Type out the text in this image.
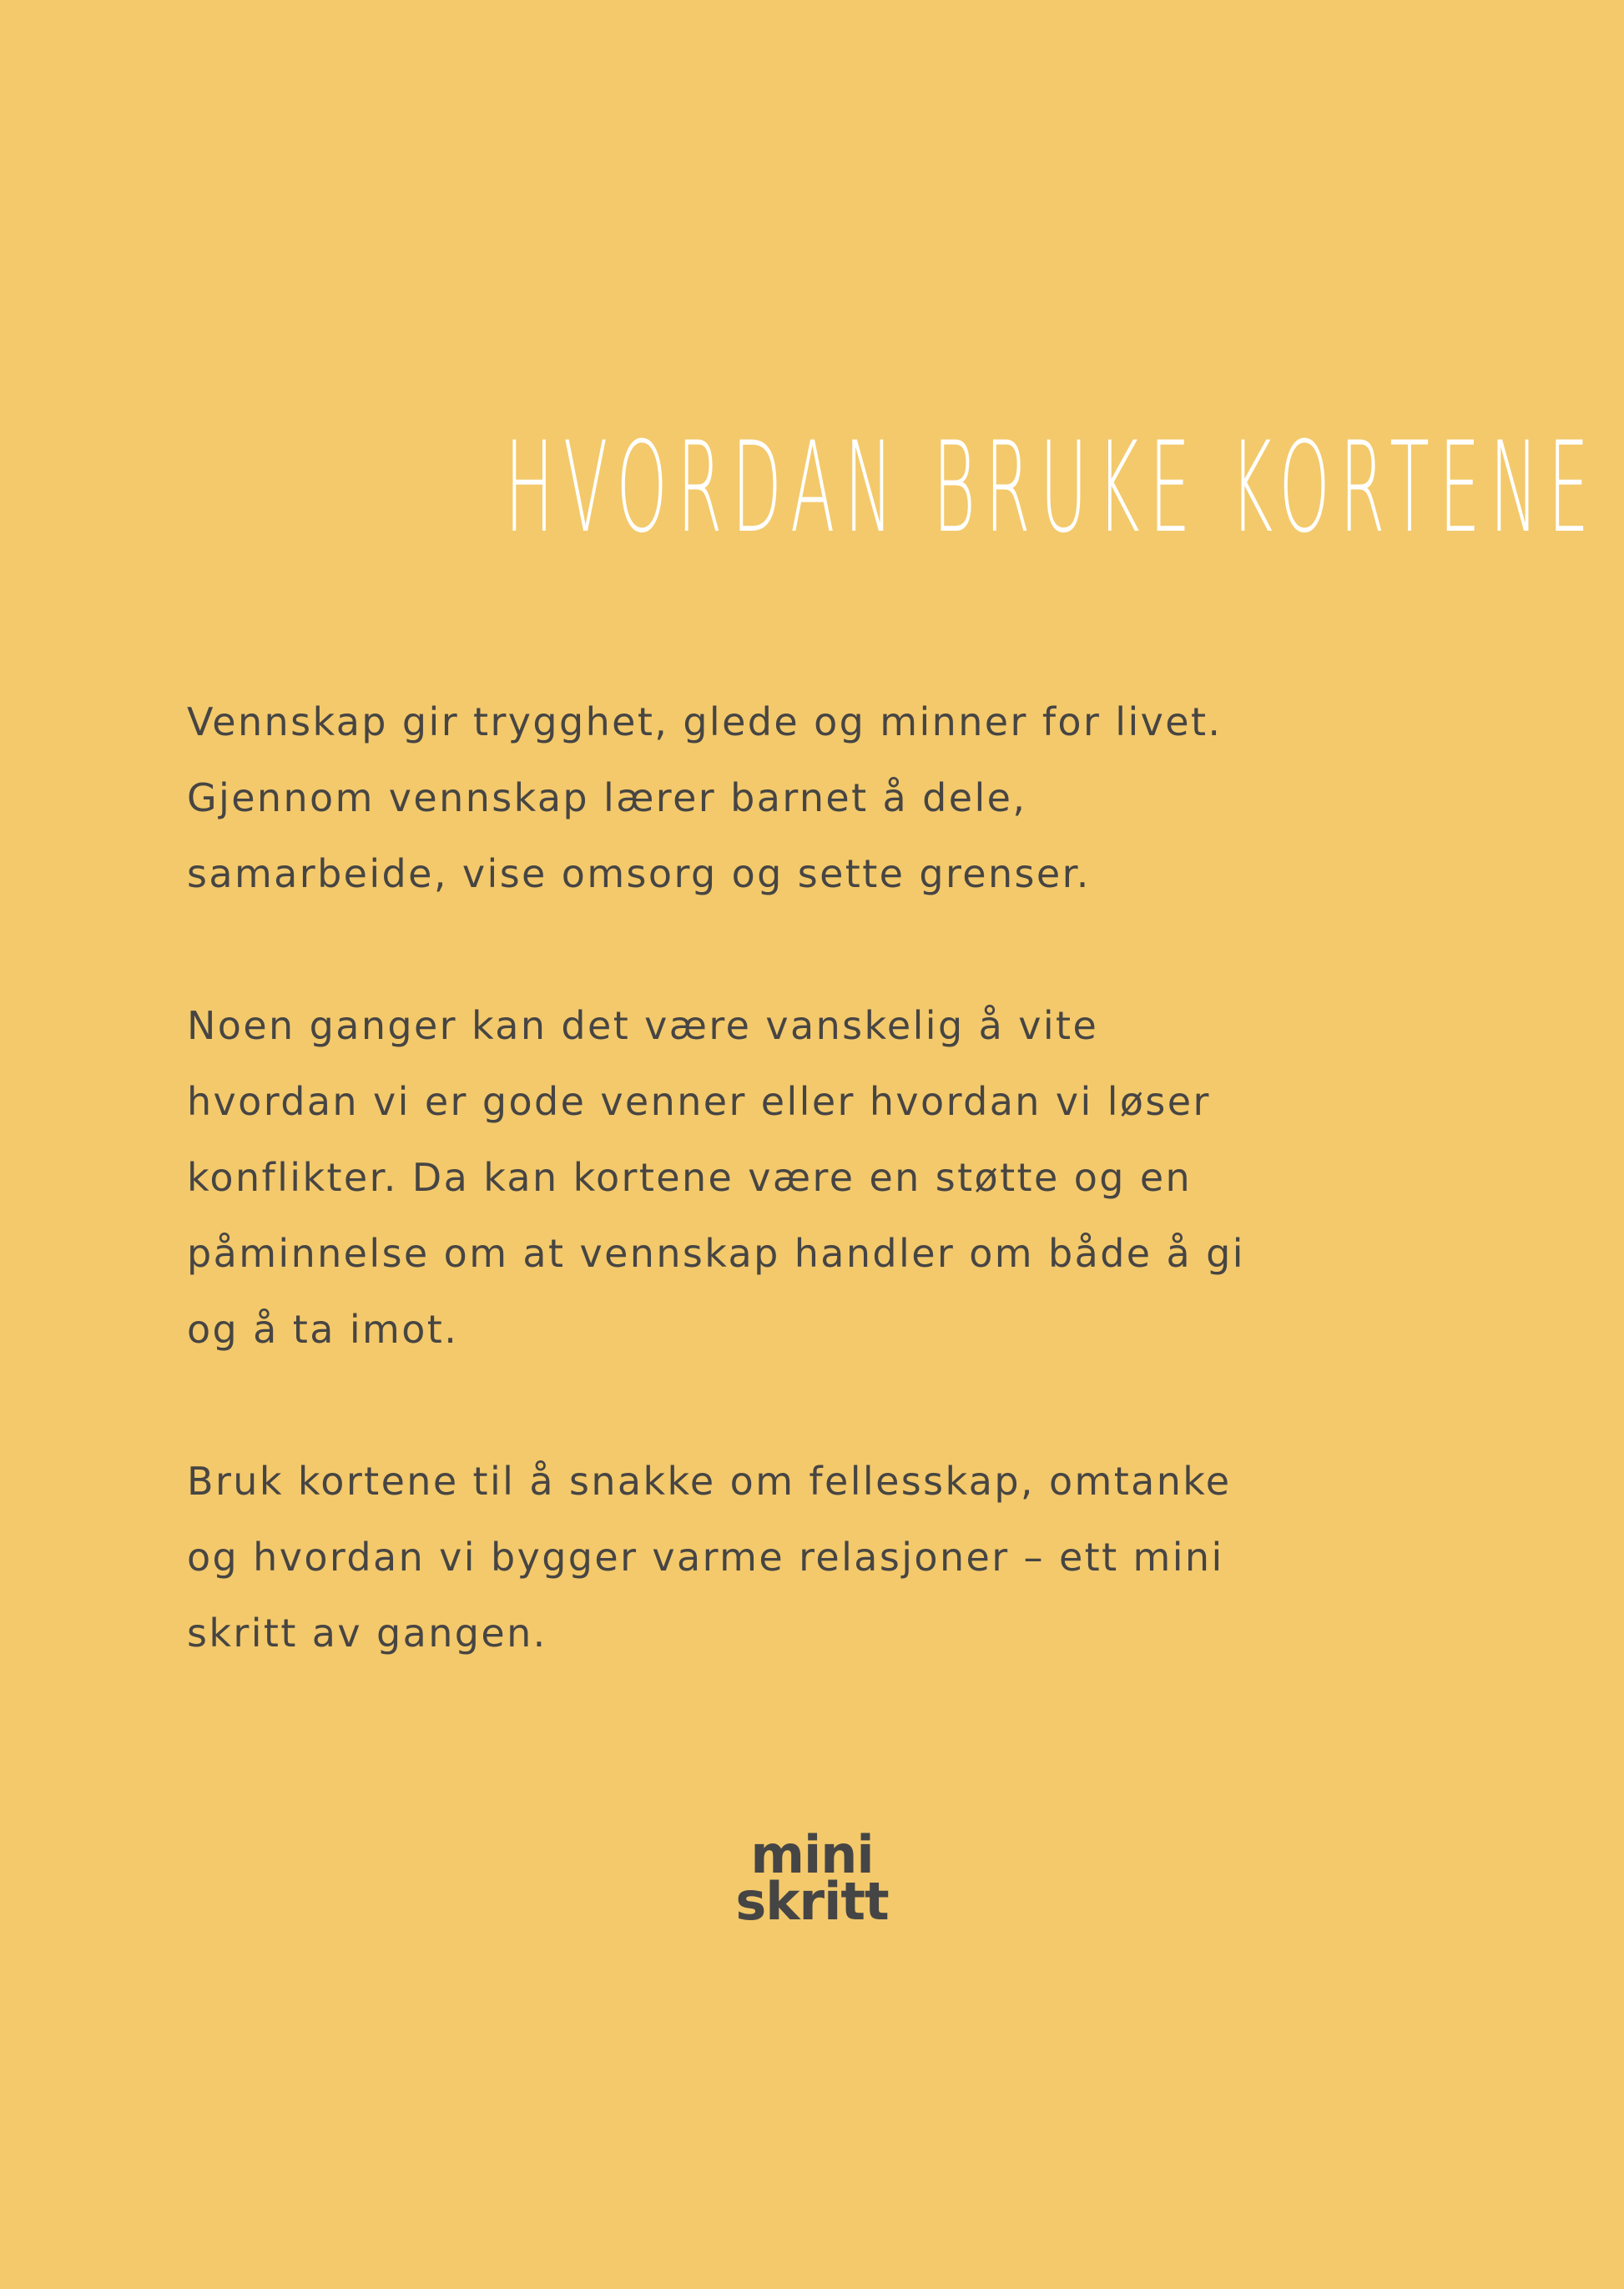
HVORDAN BRUKE KORTENE

Vennskap gir trygghet, glede og minner for livet.
Gjennom vennskap lærer barnet å dele,
samarbeide, vise omsorg og sette grenser.

Noen ganger kan det være vanskelig å vite
hvordan vi er gode venner eller hvordan vi løser
konflikter. Da kan kortene være en støtte og en
påminnelse om at vennskap handler om både å gi
og å ta imot.

Bruk kortene til å snakke om fellesskap, omtanke
og hvordan vi bygger varme relasjoner – ett mini
skritt av gangen.

mini
skritt
